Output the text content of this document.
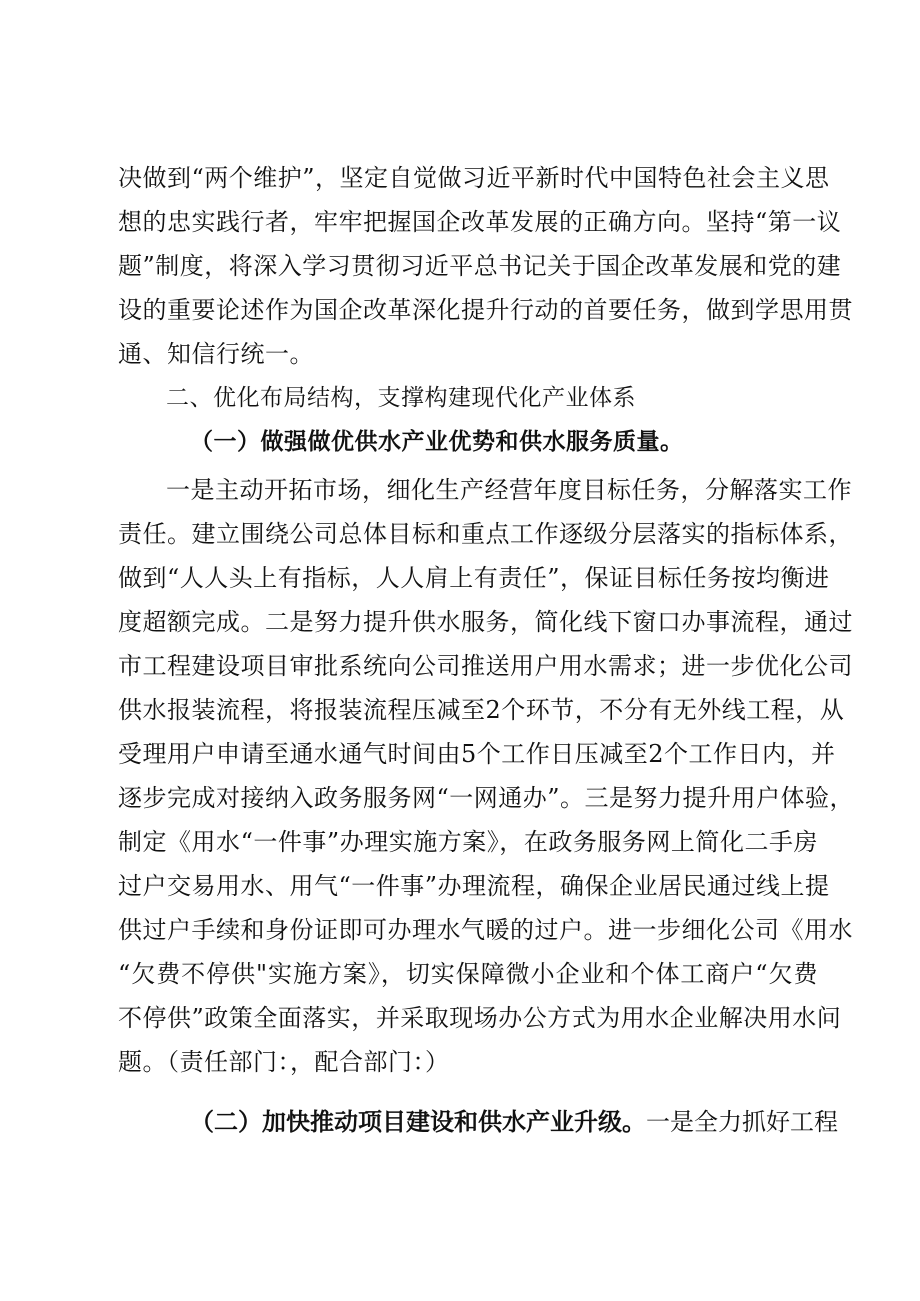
决做到“两个维护”，坚定自觉做习近平新时代中国特色社会主义思
想的忠实践行者，牢牢把握国企改革发展的正确方向。坚持“第一议
题”制度，将深入学习贯彻习近平总书记关于国企改革发展和党的建
设的重要论述作为国企改革深化提升行动的首要任务，做到学思用贯
通、知信行统一。
二、优化布局结构，支撑构建现代化产业体系
（一）做强做优供水产业优势和供水服务质量。
一是主动开拓市场，细化生产经营年度目标任务，分解落实工作
责任。建立围绕公司总体目标和重点工作逐级分层落实的指标体系，
做到“人人头上有指标，人人肩上有责任”，保证目标任务按均衡进
度超额完成。二是努力提升供水服务，简化线下窗口办事流程，通过
市工程建设项目审批系统向公司推送用户用水需求；进一步优化公司
供水报装流程，将报装流程压减至2个环节，不分有无外线工程，从
受理用户申请至通水通气时间由5个工作日压减至2个工作日内，并
逐步完成对接纳入政务服务网“一网通办”。三是努力提升用户体验，
制定《用水“一件事”办理实施方案》，在政务服务网上简化二手房
过户交易用水、用气“一件事”办理流程，确保企业居民通过线上提
供过户手续和身份证即可办理水气暖的过户。进一步细化公司《用水
“欠费不停供"实施方案》，切实保障微小企业和个体工商户“欠费
不停供”政策全面落实，并采取现场办公方式为用水企业解决用水问
题。（责任部门：，配合部门：）
（二）加快推动项目建设和供水产业升级。一是全力抓好工程
